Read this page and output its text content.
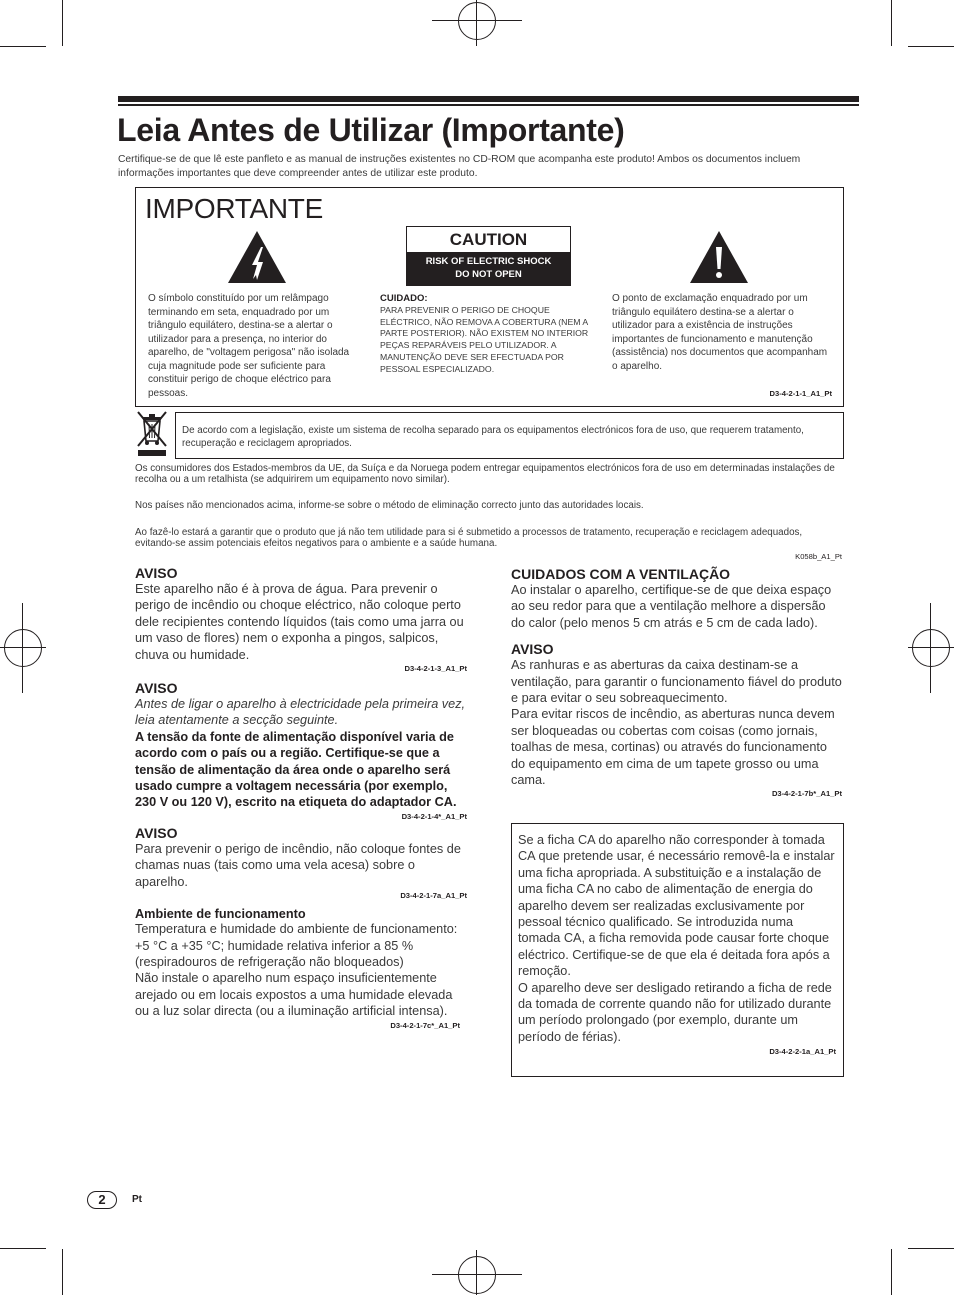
Leia Antes de Utilizar (Importante)
Certifique-se de que lê este panfleto e as manual de instruções existentes no CD-ROM que acompanha este produto! Ambos os documentos incluem informações importantes que deve compreender antes de utilizar este produto.
IMPORTANTE
CAUTION
RISK OF ELECTRIC SHOCK
DO NOT OPEN
O símbolo constituído por um relâmpago terminando em seta, enquadrado por um triângulo equilátero, destina-se a alertar o utilizador para a presença, no interior do aparelho, de "voltagem perigosa" não isolada cuja magnitude pode ser suficiente para constituir perigo de choque eléctrico para pessoas.
CUIDADO:
PARA PREVENIR O PERIGO DE CHOQUE ELÉCTRICO, NÃO REMOVA A COBERTURA (NEM A PARTE POSTERIOR). NÃO EXISTEM NO INTERIOR PEÇAS REPARÁVEIS PELO UTILIZADOR. A MANUTENÇÃO DEVE SER EFECTUADA POR PESSOAL ESPECIALIZADO.
O ponto de exclamação enquadrado por um triângulo equilátero destina-se a alertar o utilizador para a existência de instruções importantes de funcionamento e manutenção (assistência) nos documentos que acompanham o aparelho.
D3-4-2-1-1_A1_Pt
De acordo com a legislação, existe um sistema de recolha separado para os equipamentos electrónicos fora de uso, que requerem tratamento, recuperação e reciclagem apropriados.
Os consumidores dos Estados-membros da UE, da Suíça e da Noruega podem entregar equipamentos electrónicos fora de uso em determinadas instalações de recolha ou a um retalhista (se adquirirem um equipamento novo similar).
Nos países não mencionados acima, informe-se sobre o método de eliminação correcto junto das autoridades locais.
Ao fazê-lo estará a garantir que o produto que já não tem utilidade para si é submetido a processos de tratamento, recuperação e reciclagem adequados, evitando-se assim potenciais efeitos negativos para o ambiente e a saúde humana.
K058b_A1_Pt
AVISO
Este aparelho não é à prova de água. Para prevenir o perigo de incêndio ou choque eléctrico, não coloque perto dele recipientes contendo líquidos (tais como uma jarra ou um vaso de flores) nem o exponha a pingos, salpicos, chuva ou humidade.
D3-4-2-1-3_A1_Pt
AVISO
Antes de ligar o aparelho à electricidade pela primeira vez, leia atentamente a secção seguinte.
A tensão da fonte de alimentação disponível varia de acordo com o país ou a região. Certifique-se que a tensão de alimentação da área onde o aparelho será usado cumpre a voltagem necessária (por exemplo, 230 V ou 120 V), escrito na etiqueta do adaptador CA.
D3-4-2-1-4*_A1_Pt
AVISO
Para prevenir o perigo de incêndio, não coloque fontes de chamas nuas (tais como uma vela acesa) sobre o aparelho.
D3-4-2-1-7a_A1_Pt
Ambiente de funcionamento
Temperatura e humidade do ambiente de funcionamento:
+5 °C a +35 °C; humidade relativa inferior a 85 % (respiradouros de refrigeração não bloqueados)
Não instale o aparelho num espaço insuficientemente arejado ou em locais expostos a uma humidade elevada ou a luz solar directa (ou a iluminação artificial intensa).
D3-4-2-1-7c*_A1_Pt
CUIDADOS COM A VENTILAÇÃO
Ao instalar o aparelho, certifique-se de que deixa espaço ao seu redor para que a ventilação melhore a dispersão do calor (pelo menos 5 cm atrás e 5 cm de cada lado).
AVISO
As ranhuras e as aberturas da caixa destinam-se a ventilação, para garantir o funcionamento fiável do produto e para evitar o seu sobreaquecimento.
Para evitar riscos de incêndio, as aberturas nunca devem ser bloqueadas ou cobertas com coisas (como jornais, toalhas de mesa, cortinas) ou através do funcionamento do equipamento em cima de um tapete grosso ou uma cama.
D3-4-2-1-7b*_A1_Pt
Se a ficha CA do aparelho não corresponder à tomada CA que pretende usar, é necessário removê-la e instalar uma ficha apropriada. A substituição e a instalação de uma ficha CA no cabo de alimentação de energia do aparelho devem ser realizadas exclusivamente por pessoal técnico qualificado. Se introduzida numa tomada CA, a ficha removida pode causar forte choque eléctrico. Certifique-se de que ela é deitada fora após a remoção.
O aparelho deve ser desligado retirando a ficha de rede da tomada de corrente quando não for utilizado durante um período prolongado (por exemplo, durante um período de férias).
D3-4-2-2-1a_A1_Pt
2	Pt
